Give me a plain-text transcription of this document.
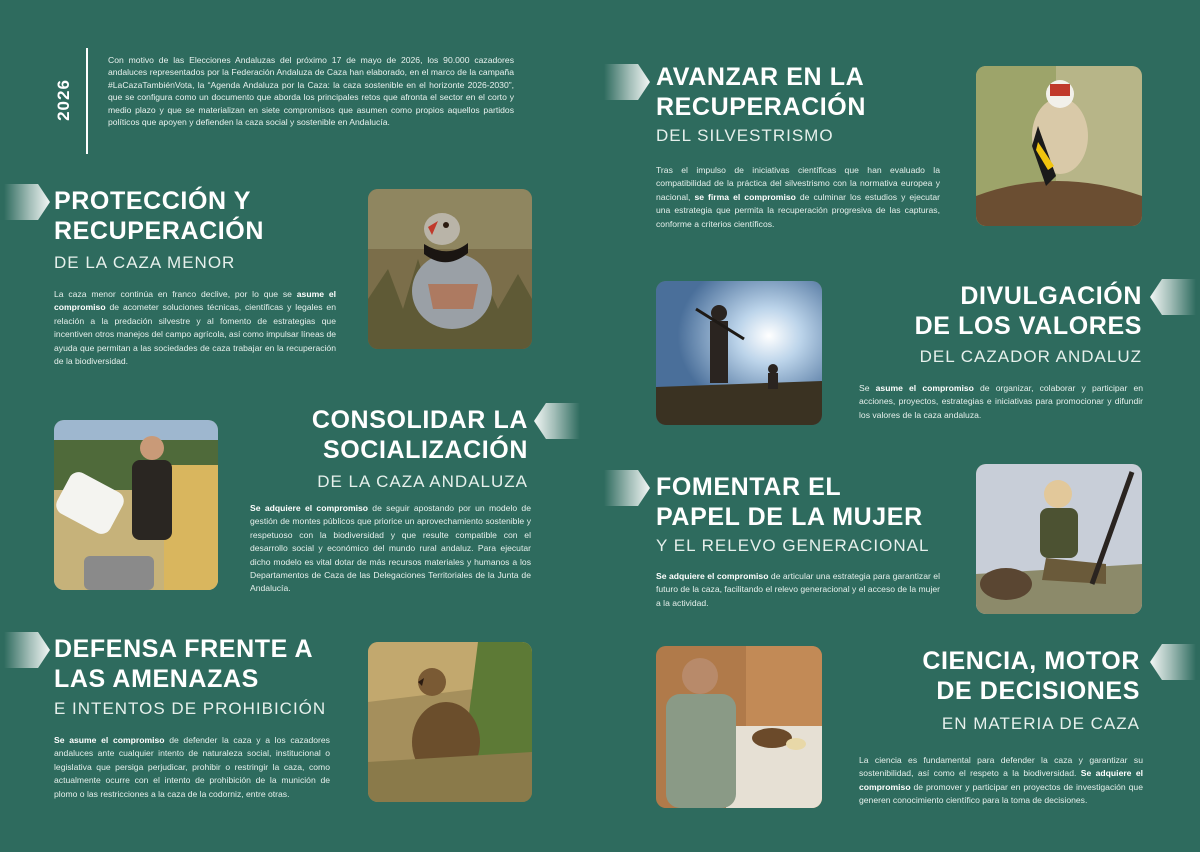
2026
Con motivo de las Elecciones Andaluzas del próximo 17 de mayo de 2026, los 90.000 cazadores andaluces representados por la Federación Andaluza de Caza han elaborado, en el marco de la campaña #LaCazaTambiénVota, la “Agenda Andaluza por la Caza: la caza sostenible en el horizonte 2026-2030”, que se configura como un documento que aborda los principales retos que afronta el sector en el corto y medio plazo y que se materializan en siete compromisos que asumen como propios aquellos partidos políticos que apoyen y defienden la caza social y sostenible en Andalucía.
PROTECCIÓN Y
RECUPERACIÓN
DE LA CAZA MENOR
La caza menor continúa en franco declive, por lo que se asume el compromiso de acometer soluciones técnicas, científicas y legales en relación a la predación silvestre y al fomento de estrategias que incentiven otros manejos del campo agrícola, así como impulsar líneas de ayuda que permitan a las sociedades de caza trabajar en la recuperación de la biodiversidad.
CONSOLIDAR LA
SOCIALIZACIÓN
DE LA CAZA ANDALUZA
Se adquiere el compromiso de seguir apostando por un modelo de gestión de montes públicos que priorice un aprovechamiento sostenible y respetuoso con la biodiversidad y que resulte compatible con el desarrollo social y económico del mundo rural andaluz. Para ejecutar dicho modelo es vital dotar de más recursos materiales y humanos a los Departamentos de Caza de las Delegaciones Territoriales de la Junta de Andalucía.
DEFENSA FRENTE A
LAS AMENAZAS
E INTENTOS DE PROHIBICIÓN
Se asume el compromiso de defender la caza y a los cazadores andaluces ante cualquier intento de naturaleza social, institucional o legislativa que persiga perjudicar, prohibir o restringir la caza, como actualmente ocurre con el intento de prohibición de la munición de plomo o las restricciones a la caza de la codorniz, entre otras.
AVANZAR EN LA
RECUPERACIÓN
DEL SILVESTRISMO
Tras el impulso de iniciativas científicas que han evaluado la compatibilidad de la práctica del silvestrismo con la normativa europea y nacional, se firma el compromiso de culminar los estudios y ejecutar una estrategia que permita la recuperación progresiva de las capturas, conforme a criterios científicos.
DIVULGACIÓN
DE LOS VALORES
DEL CAZADOR ANDALUZ
Se asume el compromiso de organizar, colaborar y participar en acciones, proyectos, estrategias e iniciativas para promocionar y difundir los valores de la caza andaluza.
FOMENTAR EL
PAPEL DE LA MUJER
Y EL RELEVO GENERACIONAL
Se adquiere el compromiso de articular una estrategia para garantizar el futuro de la caza, facilitando el relevo generacional y el acceso de la mujer a la actividad.
CIENCIA, MOTOR
DE DECISIONES
EN MATERIA DE CAZA
La ciencia es fundamental para defender la caza y garantizar su sostenibilidad, así como el respeto a la biodiversidad. Se adquiere el compromiso de promover y participar en proyectos de investigación que generen conocimiento científico para la toma de decisiones.
